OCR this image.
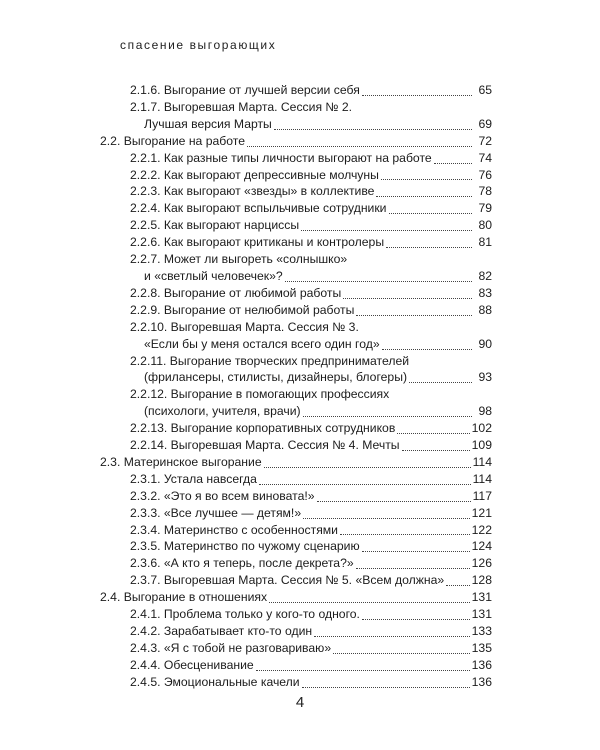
спасение выгорающих
2.1.6. Выгорание от лучшей версии себя	65
2.1.7. Выгоревшая Марта. Сессия № 2.
Лучшая версия Марты	69
2.2. Выгорание на работе	72
2.2.1. Как разные типы личности выгорают на работе	74
2.2.2. Как выгорают депрессивные молчуны	76
2.2.3. Как выгорают «звезды» в коллективе	78
2.2.4. Как выгорают вспыльчивые сотрудники	79
2.2.5. Как выгорают нарциссы	80
2.2.6. Как выгорают критиканы и контролеры	81
2.2.7. Может ли выгореть «солнышко»
и «светлый человечек»?	82
2.2.8. Выгорание от любимой работы	83
2.2.9. Выгорание от нелюбимой работы	88
2.2.10. Выгоревшая Марта. Сессия № 3.
«Если бы у меня остался всего один год»	90
2.2.11. Выгорание творческих предпринимателей
(фрилансеры, стилисты, дизайнеры, блогеры)	93
2.2.12. Выгорание в помогающих профессиях
(психологи, учителя, врачи)	98
2.2.13. Выгорание корпоративных сотрудников	102
2.2.14. Выгоревшая Марта. Сессия № 4. Мечты	109
2.3. Материнское выгорание	114
2.3.1. Устала навсегда	114
2.3.2. «Это я во всем виновата!»	117
2.3.3. «Все лучшее — детям!»	121
2.3.4. Материнство с особенностями	122
2.3.5. Материнство по чужому сценарию	124
2.3.6. «А кто я теперь, после декрета?»	126
2.3.7. Выгоревшая Марта. Сессия № 5. «Всем должна» 128
2.4. Выгорание в отношениях	131
2.4.1. Проблема только у кого-то одного.	131
2.4.2. Зарабатывает кто-то один	133
2.4.3. «Я с тобой не разговариваю»	135
2.4.4. Обесценивание	136
2.4.5. Эмоциональные качели	136
4
